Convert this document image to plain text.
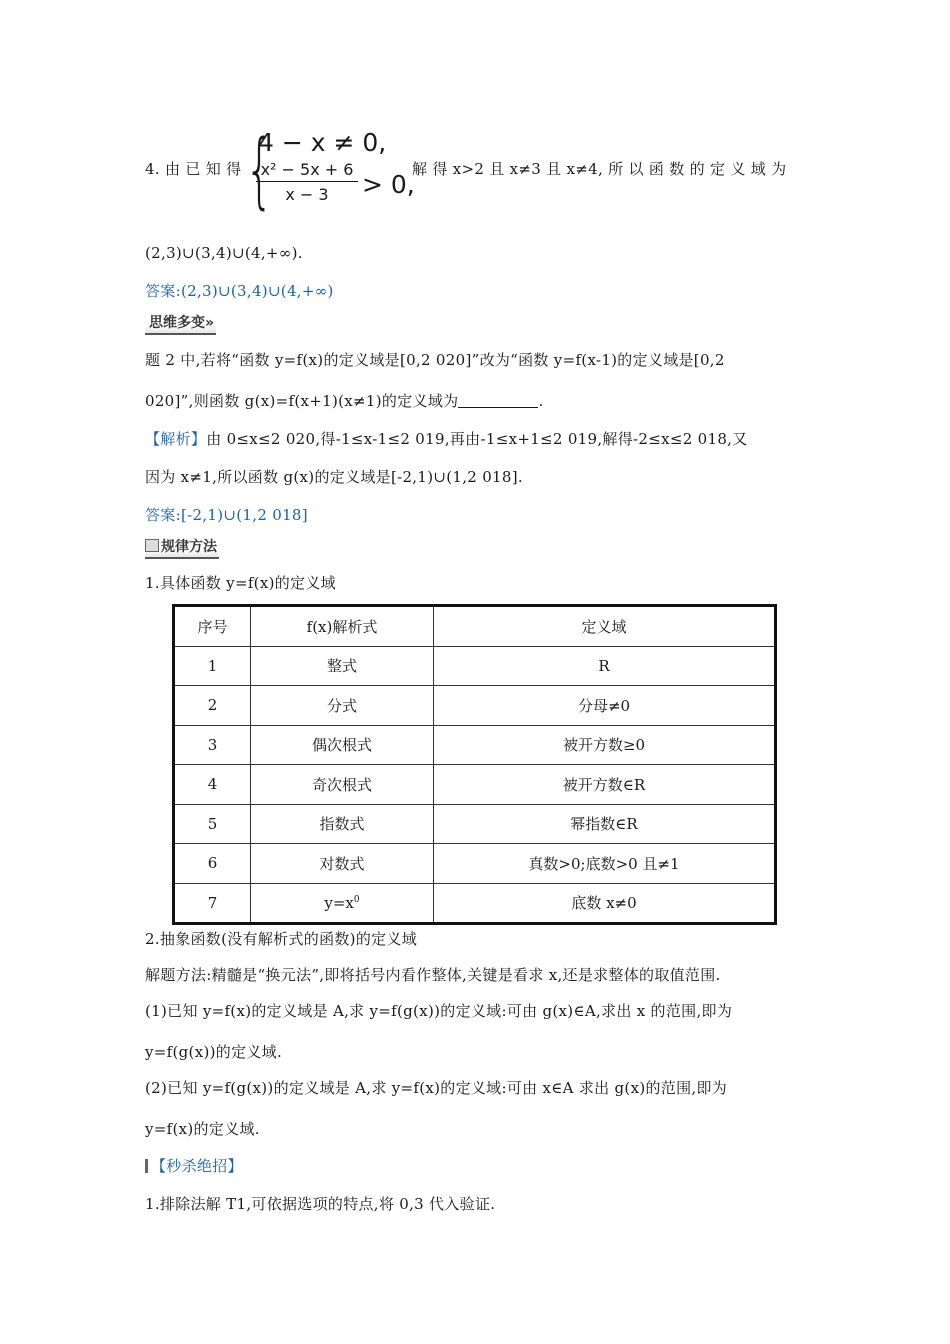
4. 由 已 知 得 {
4 − x ≠ 0,
$\frac{\text{x² − 5x + 6}}{x - 3} > 0$,
解 得 x>2 且 x≠3 且 x≠4, 所 以 函 数 的 定 义 域 为
(2,3)∪(3,4)∪(4,+∞).
答案:(2,3)∪(3,4)∪(4,+∞)
思维多变»
题 2 中,若将“函数 y=f(x)的定义域是[0,2 020]”改为“函数 y=f(x-1)的定义域是[0,2
020]”,则函数 g(x)=f(x+1)(x≠1)的定义域为	.
【解析】由 0≤x≤2 020,得-1≤x-1≤2 019,再由-1≤x+1≤2 019,解得-2≤x≤2 018,又
因为 x≠1,所以函数 g(x)的定义域是[-2,1)∪(1,2 018].
答案:[-2,1)∪(1,2 018]
规律方法
1.具体函数 y=f(x)的定义域
序号	f(x)解析式	定义域
1	整式	R
2	分式	分母≠0
3	偶次根式	被开方数≥0
4	奇次根式	被开方数∈R
5	指数式	幂指数∈R
6	对数式	真数>0;底数>0 且≠1
7	$y=x^0$	底数 x≠0
2.抽象函数(没有解析式的函数)的定义域
解题方法:精髓是“换元法”,即将括号内看作整体,关键是看求 x,还是求整体的取值范围.
(1)已知 y=f(x)的定义域是 A,求 y=f(g(x))的定义域:可由 g(x)∈A,求出 x 的范围,即为
y=f(g(x))的定义域.
(2)已知 y=f(g(x))的定义域是 A,求 y=f(x)的定义域:可由 x∈A 求出 g(x)的范围,即为
y=f(x)的定义域.
【秒杀绝招】
1.排除法解 T1,可依据选项的特点,将 0,3 代入验证.
